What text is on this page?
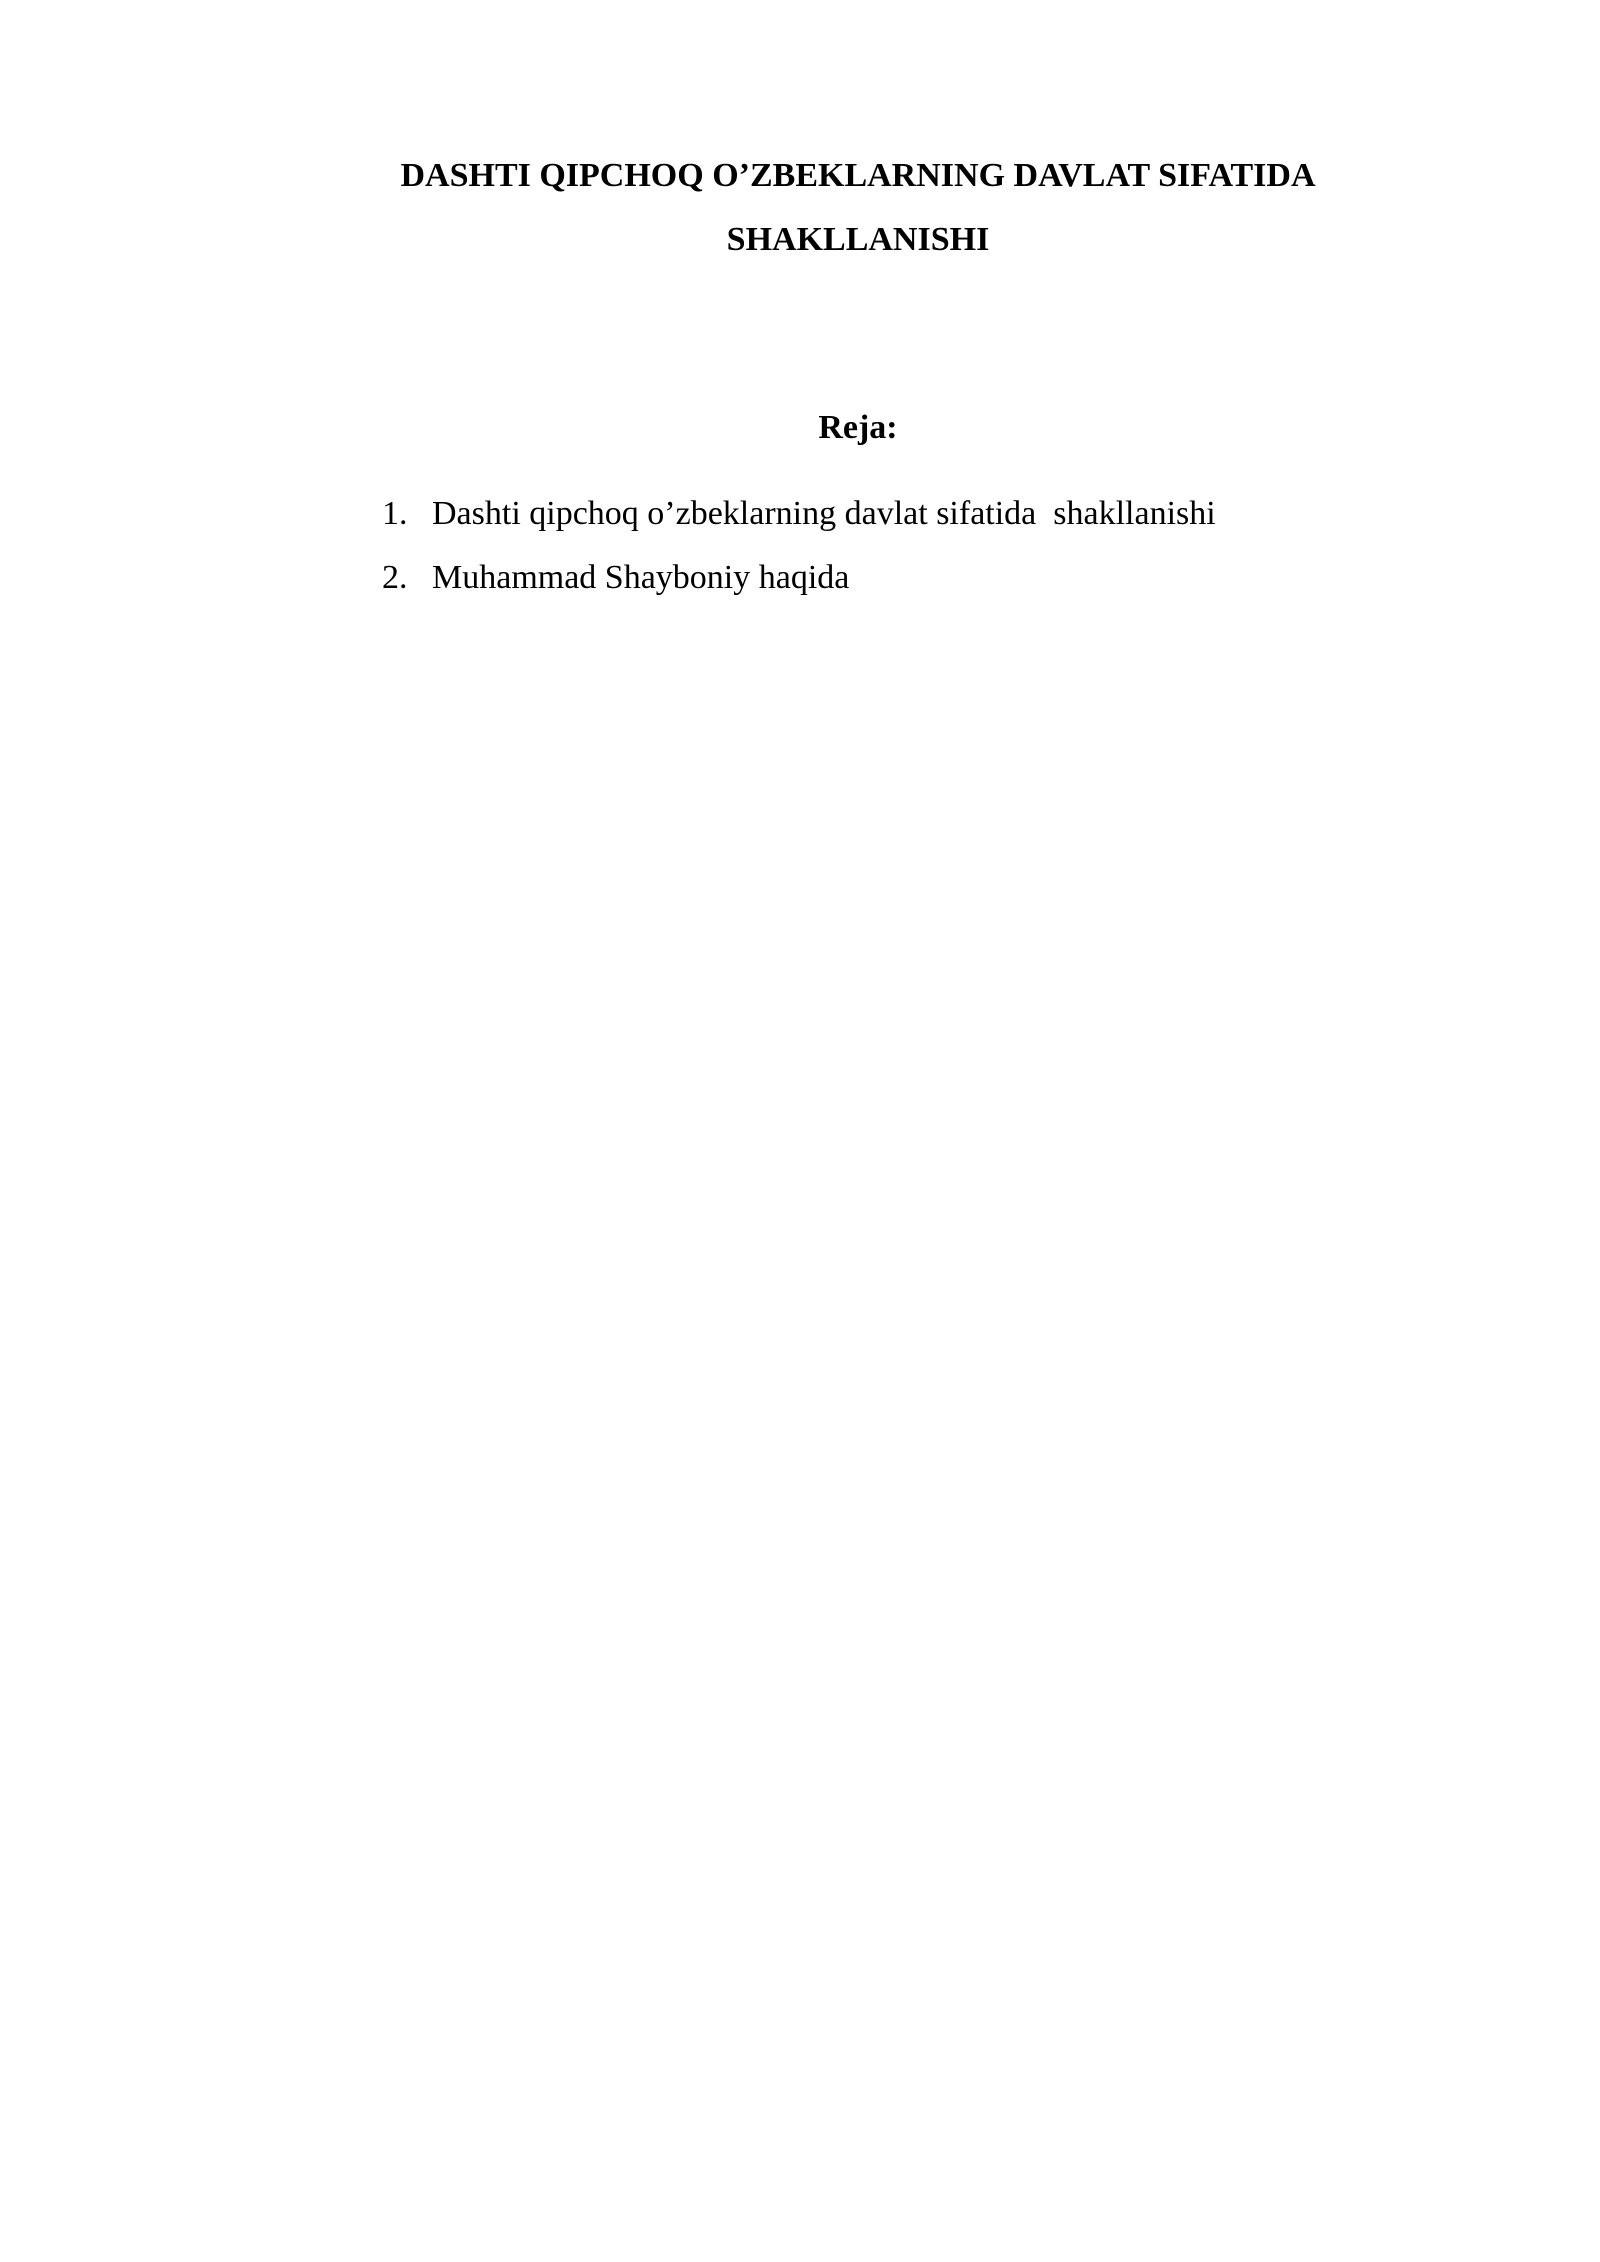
DASHTI QIPCHOQ O’ZBEKLARNING DAVLAT SIFATIDA
SHAKLLANISHI
Reja:

1.

Dashti qipchoq o’zbeklarning davlat sifatida  shakllanishi

2.

Muhammad Shayboniy haqida
